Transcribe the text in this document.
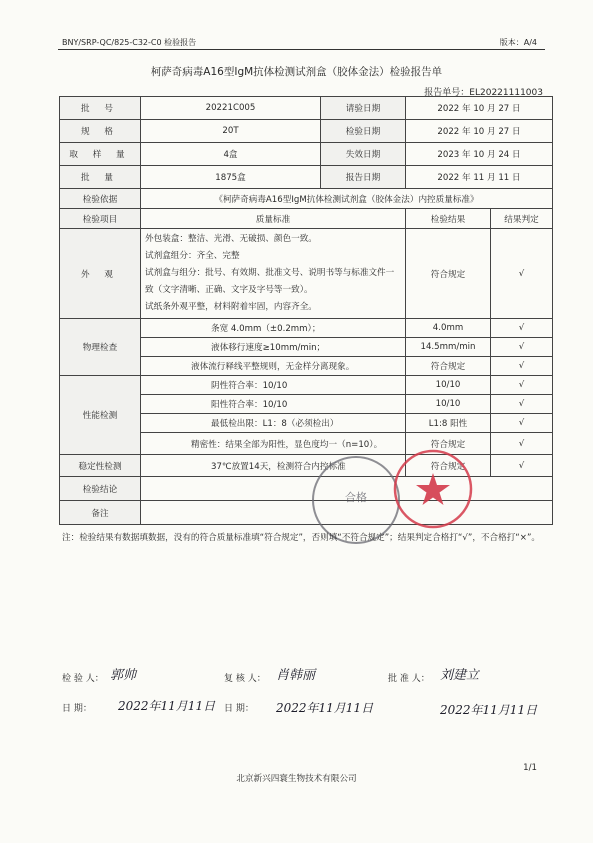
BNY/SRP-QC/825-C32-C0 检验报告	版本：A/4
柯萨奇病毒A16型IgM抗体检测试剂盒（胶体金法）检验报告单
报告单号：EL20221111003
批 号	20221C005	请验日期	2022 年 10 月 27 日	
规 格	20T	检验日期	2022 年 10 月 27 日	
取 样 量	4盒	失效日期	2023 年 10 月 24 日	
批 量	1875盒	报告日期	2022 年 11 月 11 日	
检验依据	《柯萨奇病毒A16型IgM抗体检测试剂盒（胶体金法）内控质量标准》			
检验项目	质量标准		检验结果	结果判定
外 观	外包装盒：整洁、光滑、无破损、颜色一致。
试剂盒组分：齐全、完整
试剂盒与组分：批号、有效期、批准文号、说明书等与标准文件一致（文字清晰、正确、文字及字号等一致）。
试纸条外观平整，材料附着牢固，内容齐全。		符合规定	√
物理检查	条宽 4.0mm（±0.2mm）；		4.0mm	√
	液体移行速度≥10mm/min；		14.5mm/min	√
	液体流行释线平整规则，无金样分离现象。		符合规定	√
性能检测	阴性符合率：10/10		10/10	√
	阳性符合率：10/10		10/10	√
	最低检出限：L1：8（必须检出）		L1:8 阳性	√
	精密性：结果全部为阳性，显色度均一（n=10）。		符合规定	√
稳定性检测	37℃放置14天，检测符合内控标准		符合规定	√
检验结论				
备注				
合格
注：检验结果有数据填数据，没有的符合质量标准填“符合规定”，否则填“不符合规定”；结果判定合格打“√”，不合格打“×”。
检 验 人： 郭帅	复 核 人： 肖韩丽	批 准 人： 刘建立
日 期： 2022年11月11日 日 期： 2022年11月11日	2022年11月11日
1/1
北京新兴四寰生物技术有限公司
